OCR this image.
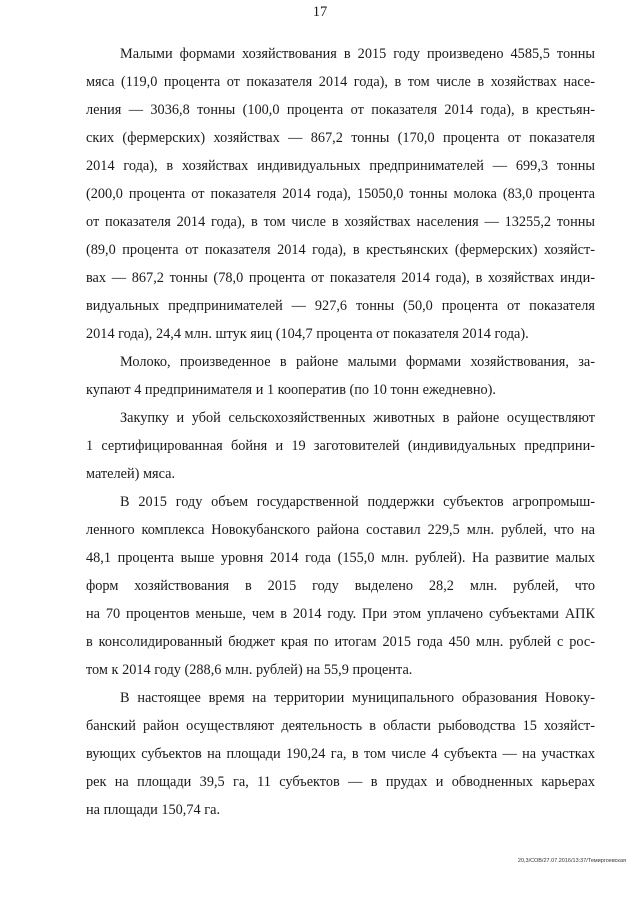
17
Малыми формами хозяйствования в 2015 году произведено 4585,5 тонны
мяса (119,0 процента от показателя 2014 года), в том числе в хозяйствах насе-
ления — 3036,8 тонны (100,0 процента от показателя 2014 года), в крестьян-
ских (фермерских) хозяйствах — 867,2 тонны (170,0 процента от показателя
2014 года), в хозяйствах индивидуальных предпринимателей — 699,3 тонны
(200,0 процента от показателя 2014 года), 15050,0 тонны молока (83,0 процента
от показателя 2014 года), в том числе в хозяйствах населения — 13255,2 тонны
(89,0 процента от показателя 2014 года), в крестьянских (фермерских) хозяйст-
вах — 867,2 тонны (78,0 процента от показателя 2014 года), в хозяйствах инди-
видуальных предпринимателей — 927,6 тонны (50,0 процента от показателя
2014 года), 24,4 млн. штук яиц (104,7 процента от показателя 2014 года).
Молоко, произведенное в районе малыми формами хозяйствования, за-
купают 4 предпринимателя и 1 кооператив (по 10 тонн ежедневно).
Закупку и убой сельскохозяйственных животных в районе осуществляют
1 сертифицированная бойня и 19 заготовителей (индивидуальных предприни-
мателей) мяса.
В 2015 году объем государственной поддержки субъектов агропромыш-
ленного комплекса Новокубанского района составил 229,5 млн. рублей, что на
48,1 процента выше уровня 2014 года (155,0 млн. рублей). На развитие малых
форм хозяйствования в 2015 году выделено 28,2 млн. рублей, что
на 70 процентов меньше, чем в 2014 году. При этом уплачено субъектами АПК
в консолидированный бюджет края по итогам 2015 года 450 млн. рублей с рос-
том к 2014 году (288,6 млн. рублей) на 55,9 процента.
В настоящее время на территории муниципального образования Новоку-
банский район осуществляют деятельность в области рыбоводства 15 хозяйст-
вующих субъектов на площади 190,24 га, в том числе 4 субъекта — на участках
рек на площади 39,5 га, 11 субъектов — в прудах и обводненных карьерах
на площади 150,74 га.
20,3/СОВ/27.07.2016/13:37/Темиргоевская
